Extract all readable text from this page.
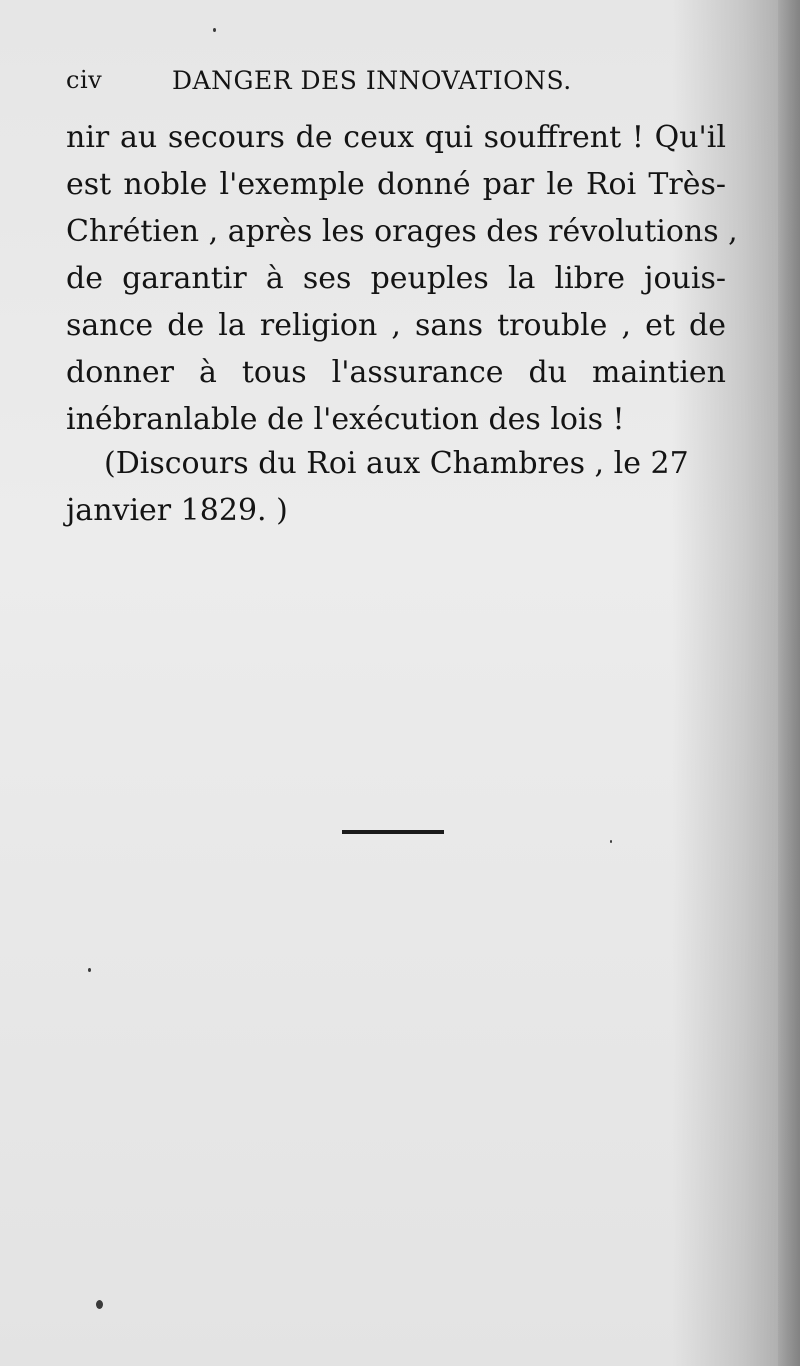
civ	DANGER DES INNOVATIONS.
nir au secours de ceux qui souffrent ! Qu'il
est noble l'exemple donné par le Roi Très-
Chrétien , après les orages des révolutions ,
de garantir à ses peuples la libre jouis-
sance de la religion , sans trouble , et de
donner à tous l'assurance du maintien
inébranlable de l'exécution des lois !
(Discours du Roi aux Chambres , le 27
janvier 1829. )
